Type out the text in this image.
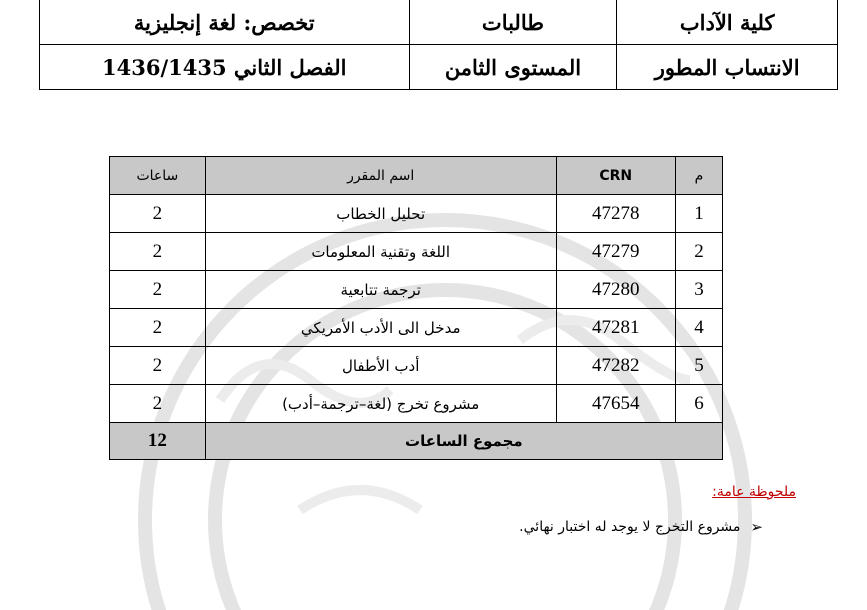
كلية الآداب	طالبات	تخصص: لغة إنجليزية
الانتساب المطور	المستوى الثامن	الفصل الثاني 1436/1435
م	CRN	اسم المقرر	ساعات
1	47278	تحليل الخطاب	2
2	47279	اللغة وتقنية المعلومات	2
3	47280	ترجمة تتابعية	2
4	47281	مدخل الى الأدب الأمريكي	2
5	47282	أدب الأطفال	2
6	47654	مشروع تخرج (لغة–ترجمة–أدب)	2
مجموع الساعات			12
ملحوظة عامة:
➢
مشروع التخرج لا يوجد له اختبار نهائي.
